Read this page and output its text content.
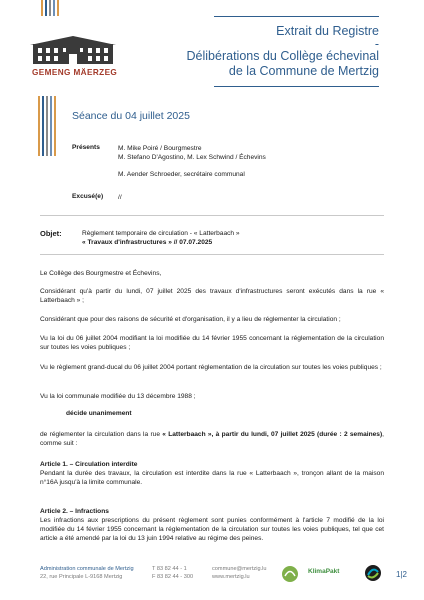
GEMENG MÄERZEG
Extrait du Registre
-
Délibérations du Collège échevinal
de la Commune de Mertzig
Séance du 04 juillet 2025
Présents	M. Mike Poiré / Bourgmestre
M. Stefano D'Agostino, M. Lex Schwind / Échevins
M. Aender Schroeder, secrétaire communal
Excusé(e) //
Objet:	Règlement temporaire de circulation - « Latterbaach »
« Travaux d'infrastructures » // 07.07.2025
Le Collège des Bourgmestre et Échevins,
Considérant qu'à partir du lundi, 07 juillet 2025 des travaux d'infrastructures seront exécutés dans la rue « Latterbaach » ;
Considérant que pour des raisons de sécurité et d'organisation, il y a lieu de réglementer la circulation ;
Vu la loi du 06 juillet 2004 modifiant la loi modifiée du 14 février 1955 concernant la réglementation de la circulation sur toutes les voies publiques ;
Vu le règlement grand-ducal du 06 juillet 2004 portant réglementation de la circulation sur toutes les voies publiques ;
Vu la loi communale modifiée du 13 décembre 1988 ;
décide unanimement
de réglementer la circulation dans la rue « Latterbaach », à partir du lundi, 07 juillet 2025 (durée : 2 semaines), comme suit :
Article 1. – Circulation interdite
Pendant la durée des travaux, la circulation est interdite dans la rue « Latterbaach », tronçon allant de la maison n°16A jusqu'à la limite communale.
Article 2. – Infractions
Les infractions aux prescriptions du présent règlement sont punies conformément à l'article 7 modifié de la loi modifiée du 14 février 1955 concernant la réglementation de la circulation sur toutes les voies publiques, tel que cet article a été amendé par la loi du 13 juin 1994 relative au régime des peines.
Administration communale de Mertzig
22, rue Principale L-9168 Mertzig
T 83 82 44 - 1
F 83 82 44 - 300
commune@mertzig.lu
www.mertzig.lu
KlimaPakt	1|2
